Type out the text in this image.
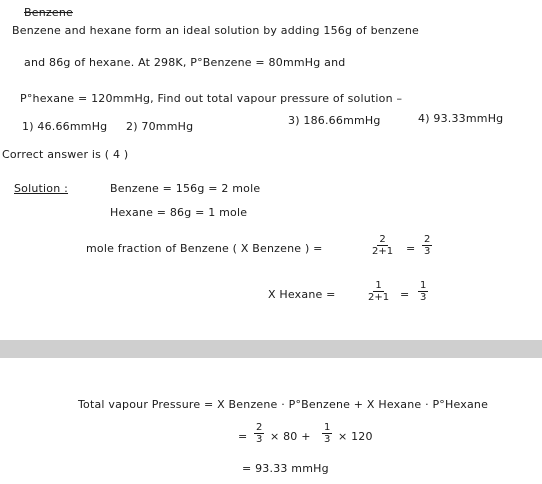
Benzene
Benzene and hexane form an ideal solution by adding 156g of benzene
and 86g of hexane. At 298K, P°Benzene = 80mmHg and
P°hexane = 120mmHg, Find out total vapour pressure of solution –
1) 46.66mmHg 2) 70mmHg	3) 186.66mmHg	4) 93.33mmHg
Correct answer is ( 4 )
Solution :	Benzene = 156g = 2 mole
Hexane = 86g = 1 mole
mole fraction of Benzene ( X Benzene ) =	$\frac{2}{2+1} = \frac{2}{3}$
X Hexane =	$\frac{1}{2+1} = \frac{1}{3}$
Total vapour Pressure = X Benzene · P°Benzene + X Hexane · P°Hexane
= $\frac{2}{3} \times 80 + \frac{1}{3} \times 120$
= 93.33 mmHg
